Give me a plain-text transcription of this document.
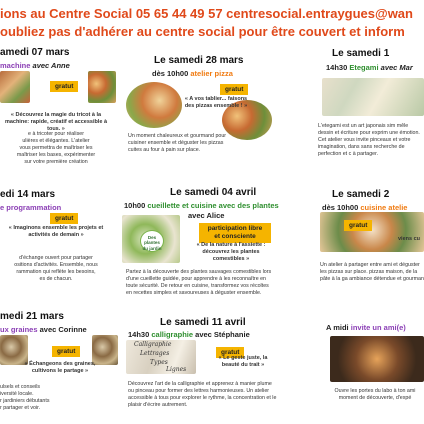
ions au Centre Social 05 65 44 49 57 centresocial.entraygues@wan
oubliez pas d'adhérer au centre social pour être couvert et inform
amedi 07 mars
machine avec Anne
gratut
« Découvrez la magie du tricot à la machine: rapide, créatif et accessible à tous. »
e à tricoter pour réaliser
ulières et élégantes. L'atelier
vous permettra de maîtriser les
maîtriser les bases, expérimenter
sur votre première création
Le samedi 28 mars
dès 10h00 atelier pizza
gratut
« A vos tablier... faisons des pizzas ensemble ! »
Un moment chaleureux et gourmand pour cuisiner ensemble et déguster les pizzas cuites au four à pain sur place.
Le samedi 1
14h30 Etegami avec Mar
L'etegami est un art japonais sim mêle dessin et écriture pour exprim une émotion. Cet atelier vous invite pinceaux et votre imagination, dans sans recherche de perfection et c à partager.
edi 14 mars
e programmation
gratut
« Imaginons ensemble les projets et activités de demain »
d'échange ouvert pour partager
ositions d'activités. Ensemble, nous
rammation qui reflète les besoins,
es de chacun.
Le samedi 04 avril
10h00 cueillette et cuisine avec des plantes
avec Alice
Des plantes du jardin
participation libre
et consciente
« De la nature à l'assiette : découvrez les plantes comestibles »
Partez à la découverte des plantes sauvages comestibles lors d'une cueillette guidée, pour apprendre à les reconnaître en toute sécurité. De retour en cuisine, transformez vos récoltes en recettes simples et savoureuses à déguster ensemble.
Le samedi 2
dès 10h00 cuisine atelie
gratut
viens cu
Un atelier à partager entre ami et déguster les pizzas sur place. pizzas maison, de la pâte à la ga ambiance détendue et gourman
medi 21 mars
ux graines avec Corinne
gratut
« Échangeons des graines, cultivons le partage »
ulsels et conseils
iversité locale.
r jardiniers débutants
r partager et voir.
Le samedi 11 avril
14h30 calligraphie avec Stéphanie
Calligraphie
Lettrages
Types
Lignes
gratut
« Le geste juste, la beauté du trait »
Découvrez l'art de la calligraphie et apprenez à manier plume ou pinceau pour former des lettres harmonieuses. Un atelier accessible à tous pour explorer le rythme, la concentration et le plaisir d'écrire autrement.
A midi invite un ami(e)
Ouvre les portes du labo à ton ami moment de découverte, d'expé
